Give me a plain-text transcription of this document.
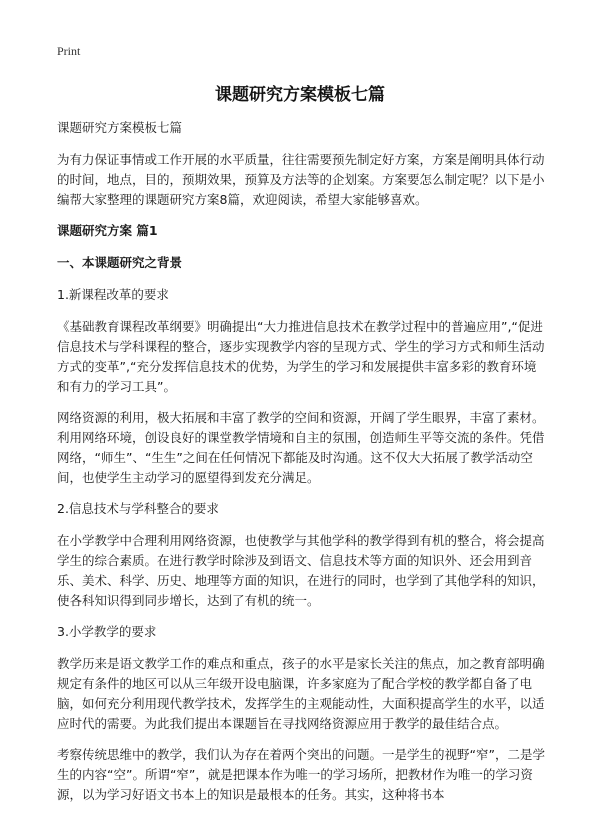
Print
课题研究方案模板七篇

课题研究方案模板七篇

为有力保证事情或工作开展的水平质量，往往需要预先制定好方案，方案是阐明具体行动的时间，地点，目的，预期效果，预算及方法等的企划案。方案要怎么制定呢？以下是小编帮大家整理的课题研究方案8篇，欢迎阅读，希望大家能够喜欢。

课题研究方案 篇1

一、本课题研究之背景

1.新课程改革的要求

《基础教育课程改革纲要》明确提出“大力推进信息技术在教学过程中的普遍应用”,“促进信息技术与学科课程的整合，逐步实现教学内容的呈现方式、学生的学习方式和师生活动方式的变革”,“充分发挥信息技术的优势，为学生的学习和发展提供丰富多彩的教育环境和有力的学习工具”。

网络资源的利用，极大拓展和丰富了教学的空间和资源，开阔了学生眼界，丰富了素材。利用网络环境，创设良好的课堂教学情境和自主的氛围，创造师生平等交流的条件。凭借网络，“师生”、“生生”之间在任何情况下都能及时沟通。这不仅大大拓展了教学活动空间，也使学生主动学习的愿望得到发充分满足。

2.信息技术与学科整合的要求

在小学教学中合理利用网络资源，也使教学与其他学科的教学得到有机的整合，将会提高学生的综合素质。在进行教学时除涉及到语文、信息技术等方面的知识外、还会用到音乐、美术、科学、历史、地理等方面的知识，在进行的同时，也学到了其他学科的知识，使各科知识得到同步增长，达到了有机的统一。

3.小学教学的要求

教学历来是语文教学工作的难点和重点，孩子的水平是家长关注的焦点，加之教育部明确规定有条件的地区可以从三年级开设电脑课，许多家庭为了配合学校的教学都自备了电脑，如何充分利用现代教学技术，发挥学生的主观能动性，大面积提高学生的水平，以适应时代的需要。为此我们提出本课题旨在寻找网络资源应用于教学的最佳结合点。

考察传统思维中的教学，我们认为存在着两个突出的问题。一是学生的视野“窄”，二是学生的内容“空”。所谓“窄”，就是把课本作为唯一的学习场所，把教材作为唯一的学习资源，以为学习好语文书本上的知识是最根本的任务。其实，这种将书本
